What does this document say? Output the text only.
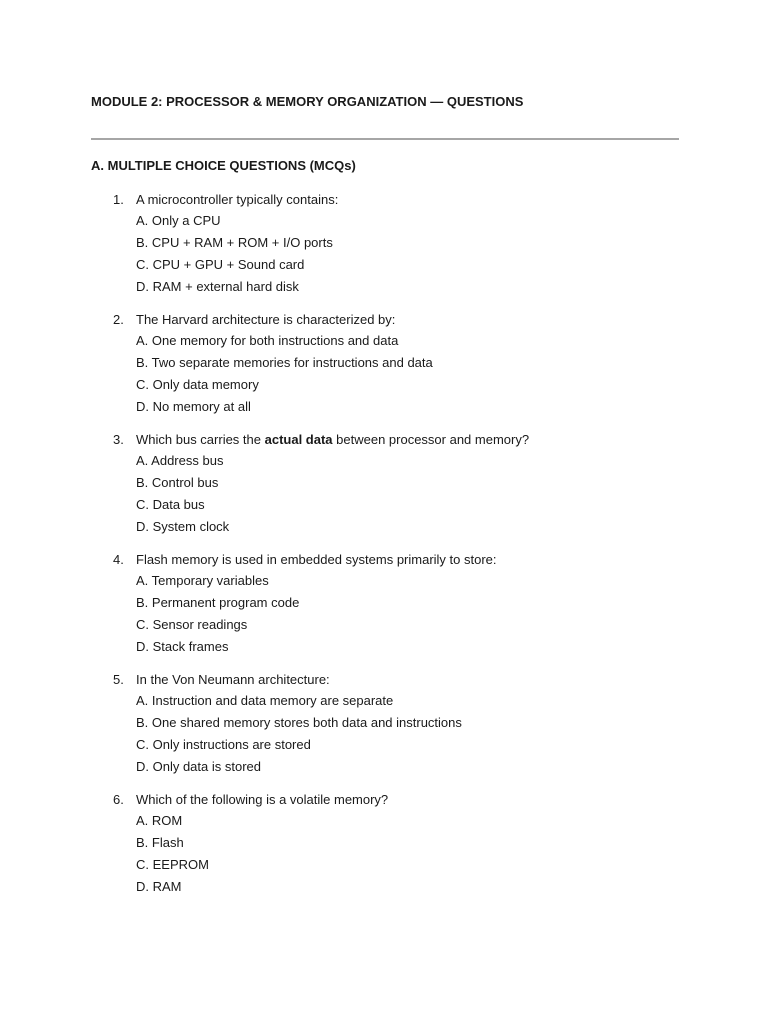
MODULE 2: PROCESSOR & MEMORY ORGANIZATION — QUESTIONS
A. MULTIPLE CHOICE QUESTIONS (MCQs)
1. A microcontroller typically contains:
A. Only a CPU
B. CPU + RAM + ROM + I/O ports
C. CPU + GPU + Sound card
D. RAM + external hard disk
2. The Harvard architecture is characterized by:
A. One memory for both instructions and data
B. Two separate memories for instructions and data
C. Only data memory
D. No memory at all
3. Which bus carries the actual data between processor and memory?
A. Address bus
B. Control bus
C. Data bus
D. System clock
4. Flash memory is used in embedded systems primarily to store:
A. Temporary variables
B. Permanent program code
C. Sensor readings
D. Stack frames
5. In the Von Neumann architecture:
A. Instruction and data memory are separate
B. One shared memory stores both data and instructions
C. Only instructions are stored
D. Only data is stored
6. Which of the following is a volatile memory?
A. ROM
B. Flash
C. EEPROM
D. RAM
